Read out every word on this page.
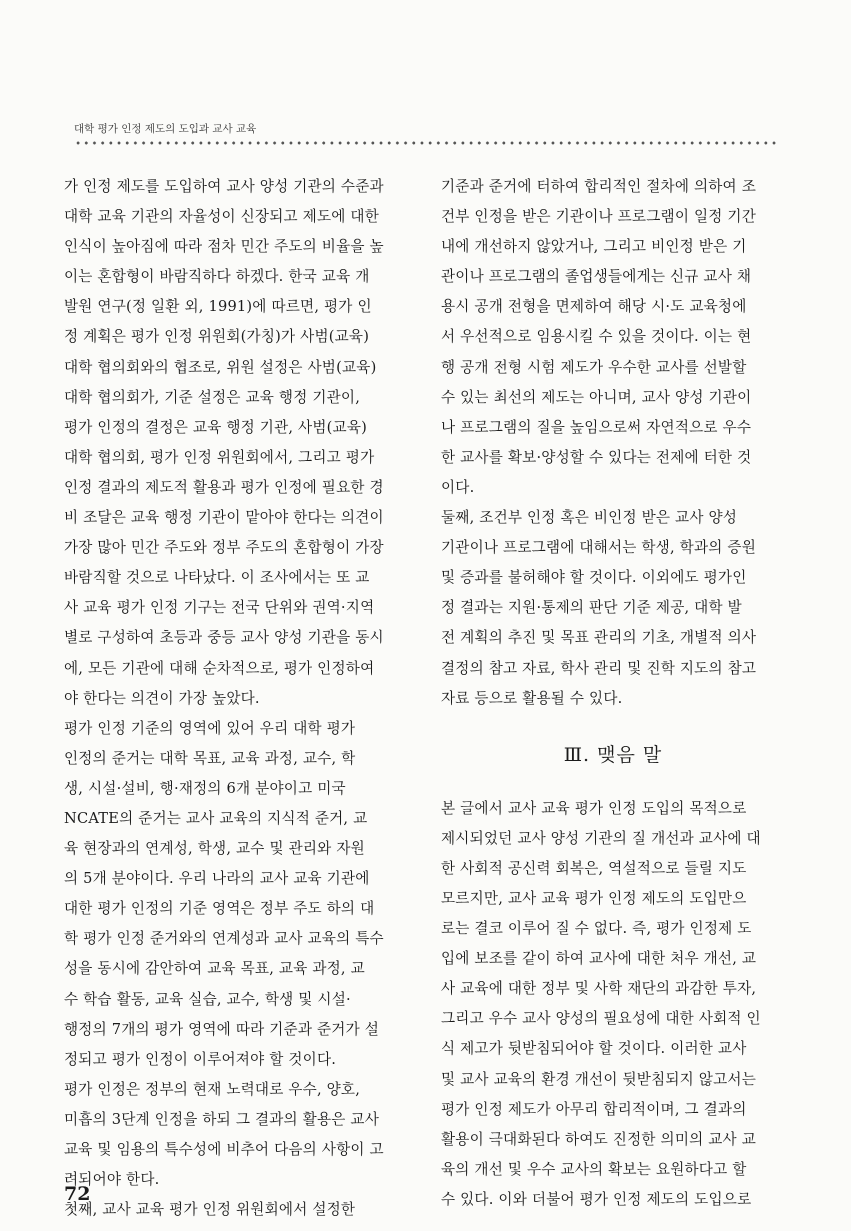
대학 평가 인정 제도의 도입과 교사 교육

가 인정 제도를 도입하여 교사 양성 기관의 수준과
대학 교육 기관의 자율성이 신장되고 제도에 대한
인식이 높아짐에 따라 점차 민간 주도의 비율을 높
이는 혼합형이 바람직하다 하겠다. 한국 교육 개
발원 연구(정 일환 외, 1991)에 따르면, 평가 인
정 계획은 평가 인정 위원회(가칭)가 사범(교육)
대학 협의회와의 협조로, 위원 설정은 사범(교육)
대학 협의회가, 기준 설정은 교육 행정 기관이,
평가 인정의 결정은 교육 행정 기관, 사범(교육)
대학 협의회, 평가 인정 위원회에서, 그리고 평가
인정 결과의 제도적 활용과 평가 인정에 필요한 경
비 조달은 교육 행정 기관이 맡아야 한다는 의견이
가장 많아 민간 주도와 정부 주도의 혼합형이 가장
바람직할 것으로 나타났다. 이 조사에서는 또 교
사 교육 평가 인정 기구는 전국 단위와 권역·지역
별로 구성하여 초등과 중등 교사 양성 기관을 동시
에, 모든 기관에 대해 순차적으로, 평가 인정하여
야 한다는 의견이 가장 높았다.

평가 인정 기준의 영역에 있어 우리 대학 평가
인정의 준거는 대학 목표, 교육 과정, 교수, 학
생, 시설·설비, 행·재정의 6개 분야이고 미국
NCATE의 준거는 교사 교육의 지식적 준거, 교
육 현장과의 연계성, 학생, 교수 및 관리와 자원
의 5개 분야이다. 우리 나라의 교사 교육 기관에
대한 평가 인정의 기준 영역은 정부 주도 하의 대
학 평가 인정 준거와의 연계성과 교사 교육의 특수
성을 동시에 감안하여 교육 목표, 교육 과정, 교
수 학습 활동, 교육 실습, 교수, 학생 및 시설·
행정의 7개의 평가 영역에 따라 기준과 준거가 설
정되고 평가 인정이 이루어져야 할 것이다.

평가 인정은 정부의 현재 노력대로 우수, 양호,
미흡의 3단계 인정을 하되 그 결과의 활용은 교사
교육 및 임용의 특수성에 비추어 다음의 사항이 고
려되어야 한다.

첫째, 교사 교육 평가 인정 위원회에서 설정한

기준과 준거에 터하여 합리적인 절차에 의하여 조
건부 인정을 받은 기관이나 프로그램이 일정 기간
내에 개선하지 않았거나, 그리고 비인정 받은 기
관이나 프로그램의 졸업생들에게는 신규 교사 채
용시 공개 전형을 면제하여 해당 시·도 교육청에
서 우선적으로 임용시킬 수 있을 것이다. 이는 현
행 공개 전형 시험 제도가 우수한 교사를 선발할
수 있는 최선의 제도는 아니며, 교사 양성 기관이
나 프로그램의 질을 높임으로써 자연적으로 우수
한 교사를 확보·양성할 수 있다는 전제에 터한 것
이다.

둘째, 조건부 인정 혹은 비인정 받은 교사 양성
기관이나 프로그램에 대해서는 학생, 학과의 증원
및 증과를 불허해야 할 것이다. 이외에도 평가인
정 결과는 지원·통제의 판단 기준 제공, 대학 발
전 계획의 추진 및 목표 관리의 기초, 개별적 의사
결정의 참고 자료, 학사 관리 및 진학 지도의 참고
자료 등으로 활용될 수 있다.

Ⅲ. 맺음 말

본 글에서 교사 교육 평가 인정 도입의 목적으로
제시되었던 교사 양성 기관의 질 개선과 교사에 대
한 사회적 공신력 회복은, 역설적으로 들릴 지도
모르지만, 교사 교육 평가 인정 제도의 도입만으
로는 결코 이루어 질 수 없다. 즉, 평가 인정제 도
입에 보조를 같이 하여 교사에 대한 처우 개선, 교
사 교육에 대한 정부 및 사학 재단의 과감한 투자,
그리고 우수 교사 양성의 필요성에 대한 사회적 인
식 제고가 뒷받침되어야 할 것이다. 이러한 교사
및 교사 교육의 환경 개선이 뒷받침되지 않고서는
평가 인정 제도가 아무리 합리적이며, 그 결과의
활용이 극대화된다 하여도 진정한 의미의 교사 교
육의 개선 및 우수 교사의 확보는 요원하다고 할
수 있다. 이와 더불어 평가 인정 제도의 도입으로

72
